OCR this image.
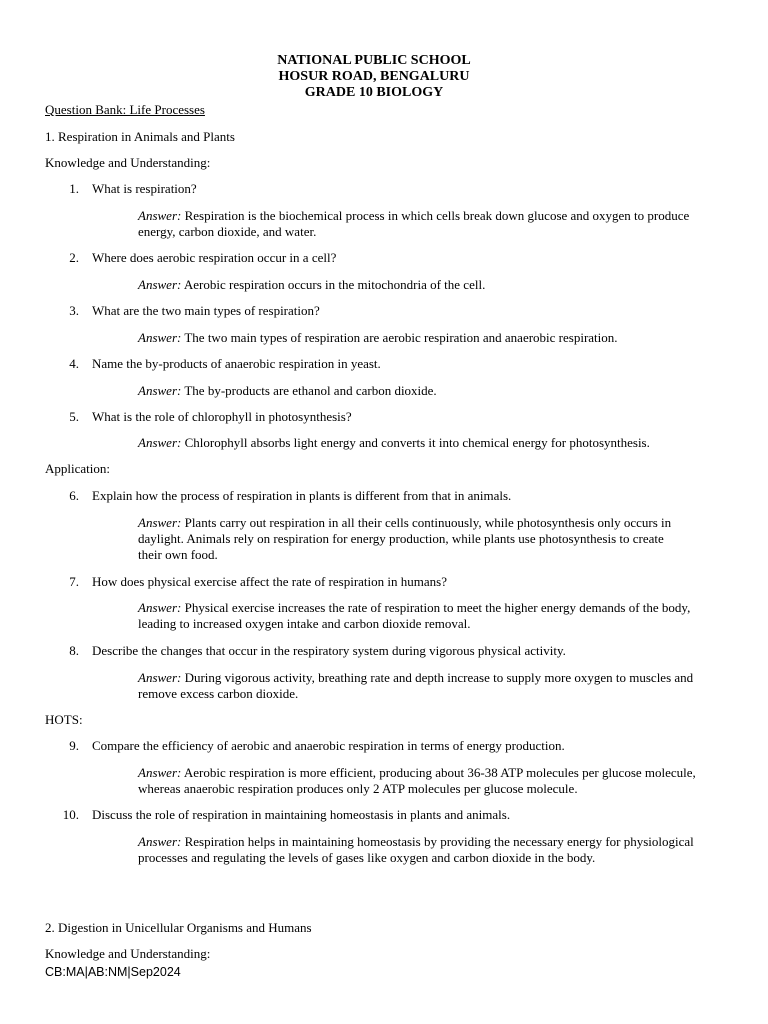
NATIONAL PUBLIC SCHOOL
HOSUR ROAD, BENGALURU
GRADE 10 BIOLOGY
Question Bank: Life Processes
1. Respiration in Animals and Plants
Knowledge and Understanding:
1. What is respiration?
Answer: Respiration is the biochemical process in which cells break down glucose and oxygen to produce energy, carbon dioxide, and water.
2. Where does aerobic respiration occur in a cell?
Answer: Aerobic respiration occurs in the mitochondria of the cell.
3. What are the two main types of respiration?
Answer: The two main types of respiration are aerobic respiration and anaerobic respiration.
4. Name the by-products of anaerobic respiration in yeast.
Answer: The by-products are ethanol and carbon dioxide.
5. What is the role of chlorophyll in photosynthesis?
Answer: Chlorophyll absorbs light energy and converts it into chemical energy for photosynthesis.
Application:
6. Explain how the process of respiration in plants is different from that in animals.
Answer: Plants carry out respiration in all their cells continuously, while photosynthesis only occurs in daylight. Animals rely on respiration for energy production, while plants use photosynthesis to create their own food.
7. How does physical exercise affect the rate of respiration in humans?
Answer: Physical exercise increases the rate of respiration to meet the higher energy demands of the body, leading to increased oxygen intake and carbon dioxide removal.
8. Describe the changes that occur in the respiratory system during vigorous physical activity.
Answer: During vigorous activity, breathing rate and depth increase to supply more oxygen to muscles and remove excess carbon dioxide.
HOTS:
9. Compare the efficiency of aerobic and anaerobic respiration in terms of energy production.
Answer: Aerobic respiration is more efficient, producing about 36-38 ATP molecules per glucose molecule, whereas anaerobic respiration produces only 2 ATP molecules per glucose molecule.
10. Discuss the role of respiration in maintaining homeostasis in plants and animals.
Answer: Respiration helps in maintaining homeostasis by providing the necessary energy for physiological processes and regulating the levels of gases like oxygen and carbon dioxide in the body.
2. Digestion in Unicellular Organisms and Humans
Knowledge and Understanding:
CB:MA|AB:NM|Sep2024
